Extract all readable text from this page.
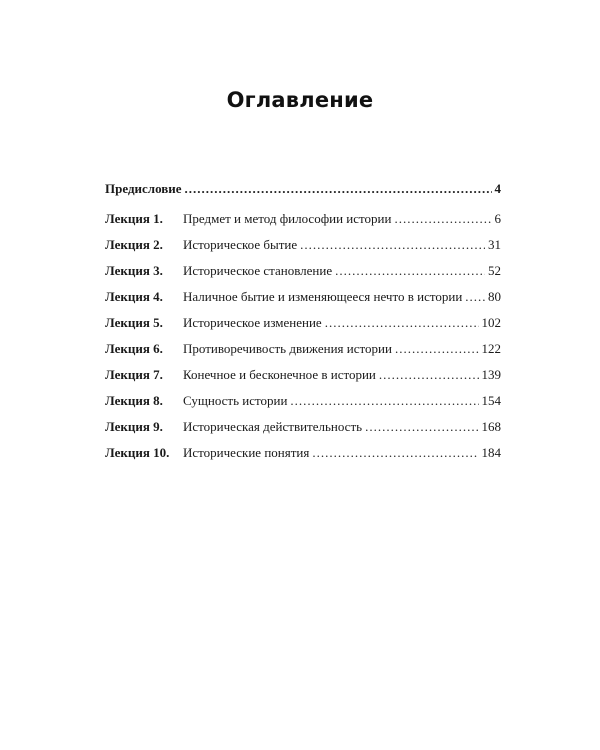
Оглавление
Предисловие .....	4
Лекция 1.	Предмет и метод философии истории .....	6
Лекция 2.	Историческое бытие .....	31
Лекция 3.	Историческое становление .....	52
Лекция 4.	Наличное бытие и изменяющееся нечто в истории ..... 80
Лекция 5.	Историческое изменение .....	102
Лекция 6.	Противоречивость движения истории .....	122
Лекция 7.	Конечное и бесконечное в истории .....	139
Лекция 8.	Сущность истории .....	154
Лекция 9.	Историческая действительность .....	168
Лекция 10.	Исторические понятия .....	184
